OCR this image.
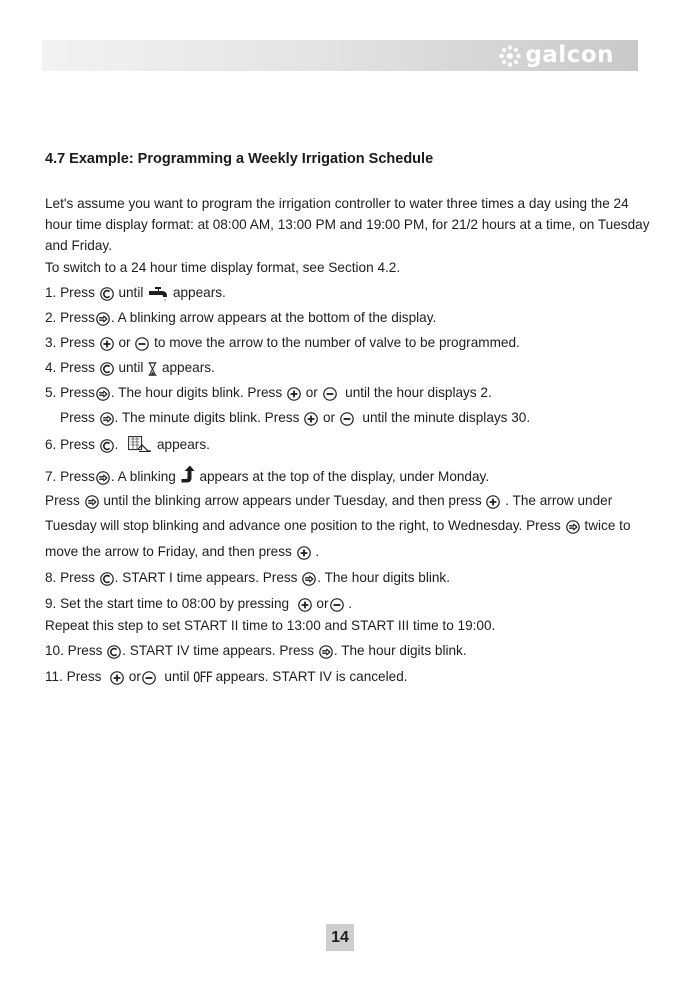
galcon
4.7 Example: Programming a Weekly Irrigation Schedule
Let's assume you want to program the irrigation controller to water three times a day using the 24
hour time display format: at 08:00 AM, 13:00 PM and 19:00 PM, for 21/2 hours at a time, on Tuesday
and Friday.
To switch to a 24 hour time display format, see Section 4.2.
1. Press until appears.
2. Press . A blinking arrow appears at the bottom of the display.
3. Press or to move the arrow to the number of valve to be programmed.
4. Press until appears.
5. Press . The hour digits blink. Press or until the hour displays 2.
Press . The minute digits blink. Press or until the minute displays 30.
6. Press .	appears.
7. Press . A blinking appears at the top of the display, under Monday.
Press until the blinking arrow appears under Tuesday, and then press . The arrow under
Tuesday will stop blinking and advance one position to the right, to Wednesday. Press twice to
move the arrow to Friday, and then press .
8. Press . START I time appears. Press . The hour digits blink.
9. Set the start time to 08:00 by pressing or .
Repeat this step to set START II time to 13:00 and START III time to 19:00.
10. Press . START IV time appears. Press . The hour digits blink.
11. Press or until OFF appears. START IV is canceled.
14
